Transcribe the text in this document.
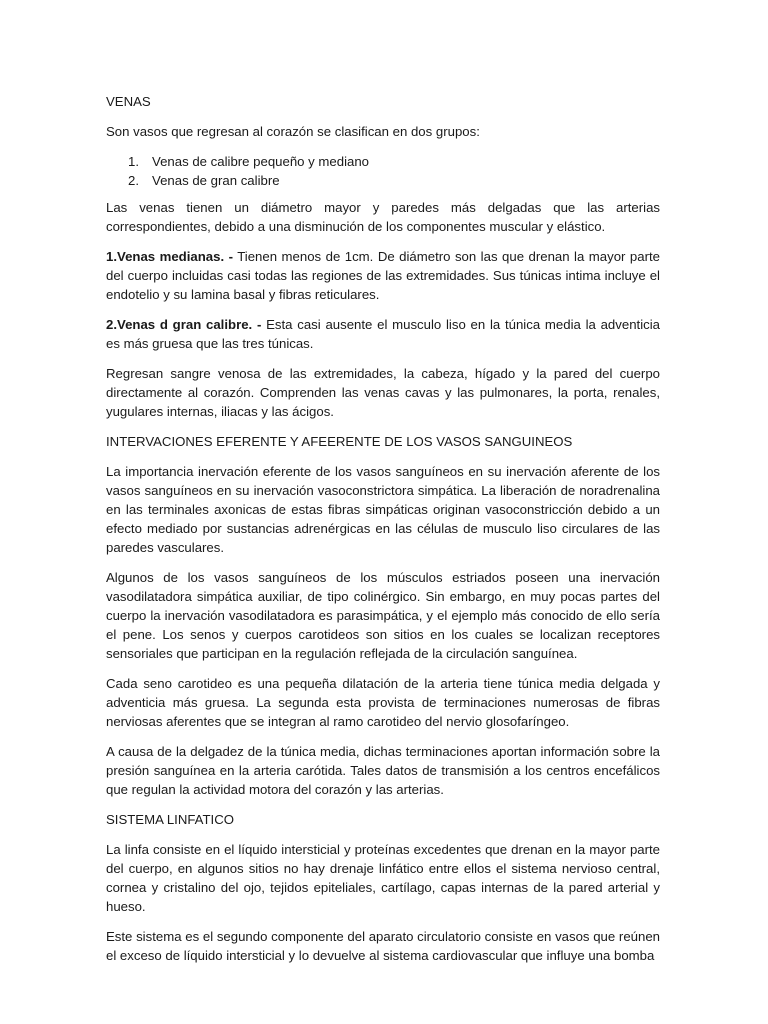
VENAS

Son vasos que regresan al corazón se clasifican en dos grupos:

1. Venas de calibre pequeño y mediano
2. Venas de gran calibre

Las venas tienen un diámetro mayor y paredes más delgadas que las arterias correspondientes, debido a una disminución de los componentes muscular y elástico.

1.Venas medianas. - Tienen menos de 1cm. De diámetro son las que drenan la mayor parte del cuerpo incluidas casi todas las regiones de las extremidades. Sus túnicas intima incluye el endotelio y su lamina basal y fibras reticulares.

2.Venas d gran calibre. - Esta casi ausente el musculo liso en la túnica media la adventicia es más gruesa que las tres túnicas.

Regresan sangre venosa de las extremidades, la cabeza, hígado y la pared del cuerpo directamente al corazón. Comprenden las venas cavas y las pulmonares, la porta, renales, yugulares internas, iliacas y las ácigos.

INTERVACIONES EFERENTE Y AFEERENTE DE LOS VASOS SANGUINEOS

La importancia inervación eferente de los vasos sanguíneos en su inervación aferente de los vasos sanguíneos en su inervación vasoconstrictora simpática. La liberación de noradrenalina en las terminales axonicas de estas fibras simpáticas originan vasoconstricción debido a un efecto mediado por sustancias adrenérgicas en las células de musculo liso circulares de las paredes vasculares.

Algunos de los vasos sanguíneos de los músculos estriados poseen una inervación vasodilatadora simpática auxiliar, de tipo colinérgico. Sin embargo, en muy pocas partes del cuerpo la inervación vasodilatadora es parasimpática, y el ejemplo más conocido de ello sería el pene. Los senos y cuerpos carotideos son sitios en los cuales se localizan receptores sensoriales que participan en la regulación reflejada de la circulación sanguínea.

Cada seno carotideo es una pequeña dilatación de la arteria tiene túnica media delgada y adventicia más gruesa. La segunda esta provista de terminaciones numerosas de fibras nerviosas aferentes que se integran al ramo carotideo del nervio glosofaríngeo.

A causa de la delgadez de la túnica media, dichas terminaciones aportan información sobre la presión sanguínea en la arteria carótida. Tales datos de transmisión a los centros encefálicos que regulan la actividad motora del corazón y las arterias.

SISTEMA LINFATICO

La linfa consiste en el líquido intersticial y proteínas excedentes que drenan en la mayor parte del cuerpo, en algunos sitios no hay drenaje linfático entre ellos el sistema nervioso central, cornea y cristalino del ojo, tejidos epiteliales, cartílago, capas internas de la pared arterial y hueso.

Este sistema es el segundo componente del aparato circulatorio consiste en vasos que reúnen el exceso de líquido intersticial y lo devuelve al sistema cardiovascular que influye una bomba
